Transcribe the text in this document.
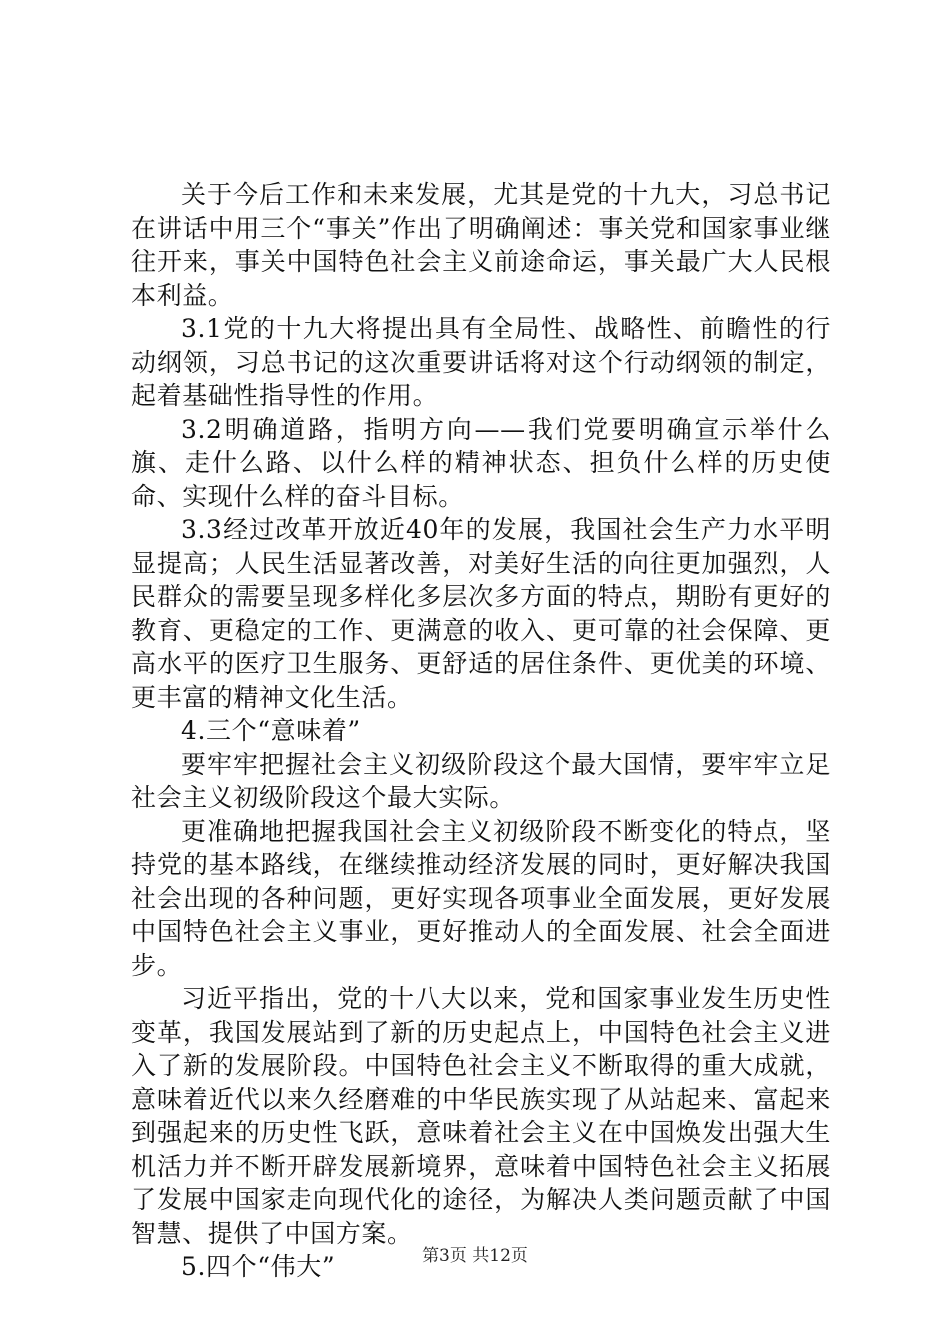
关于今后工作和未来发展，尤其是党的十九大，习总书记在讲话中用三个“事关”作出了明确阐述：事关党和国家事业继往开来，事关中国特色社会主义前途命运，事关最广大人民根本利益。

3.1党的十九大将提出具有全局性、战略性、前瞻性的行动纲领，习总书记的这次重要讲话将对这个行动纲领的制定，起着基础性指导性的作用。

3.2明确道路，指明方向——我们党要明确宣示举什么旗、走什么路、以什么样的精神状态、担负什么样的历史使命、实现什么样的奋斗目标。

3.3经过改革开放近40年的发展，我国社会生产力水平明显提高；人民生活显著改善，对美好生活的向往更加强烈，人民群众的需要呈现多样化多层次多方面的特点，期盼有更好的教育、更稳定的工作、更满意的收入、更可靠的社会保障、更高水平的医疗卫生服务、更舒适的居住条件、更优美的环境、更丰富的精神文化生活。

4.三个“意味着”

要牢牢把握社会主义初级阶段这个最大国情，要牢牢立足社会主义初级阶段这个最大实际。

更准确地把握我国社会主义初级阶段不断变化的特点，坚持党的基本路线，在继续推动经济发展的同时，更好解决我国社会出现的各种问题，更好实现各项事业全面发展，更好发展中国特色社会主义事业，更好推动人的全面发展、社会全面进步。

习近平指出，党的十八大以来，党和国家事业发生历史性变革，我国发展站到了新的历史起点上，中国特色社会主义进入了新的发展阶段。中国特色社会主义不断取得的重大成就，意味着近代以来久经磨难的中华民族实现了从站起来、富起来到强起来的历史性飞跃，意味着社会主义在中国焕发出强大生机活力并不断开辟发展新境界，意味着中国特色社会主义拓展了发展中国家走向现代化的途径，为解决人类问题贡献了中国智慧、提供了中国方案。

5.四个“伟大”	第3页 共12页
